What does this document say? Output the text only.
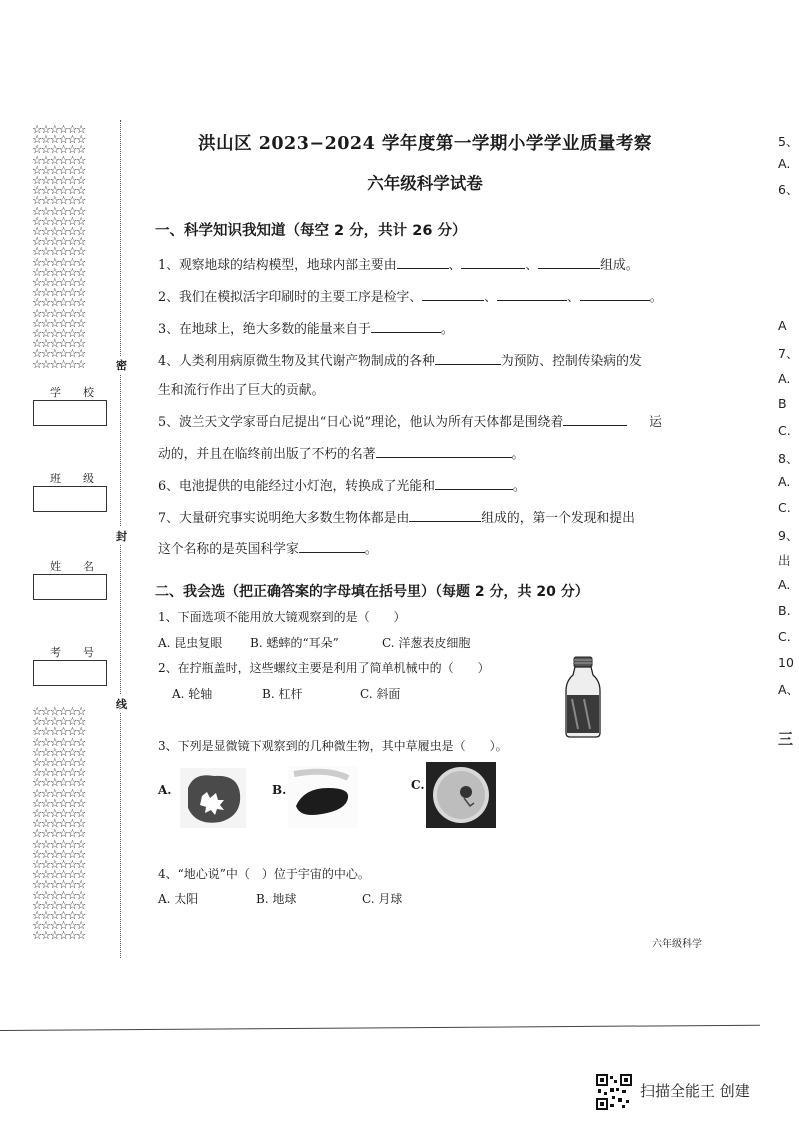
☆☆☆☆☆☆
☆☆☆☆☆☆
☆☆☆☆☆☆
☆☆☆☆☆☆
☆☆☆☆☆☆
☆☆☆☆☆☆
☆☆☆☆☆☆
☆☆☆☆☆☆
☆☆☆☆☆☆
☆☆☆☆☆☆
☆☆☆☆☆☆
☆☆☆☆☆☆
☆☆☆☆☆☆
☆☆☆☆☆☆
☆☆☆☆☆☆
☆☆☆☆☆☆
☆☆☆☆☆☆
☆☆☆☆☆☆
☆☆☆☆☆☆
☆☆☆☆☆☆
☆☆☆☆☆☆
☆☆☆☆☆☆
☆☆☆☆☆☆
☆☆☆☆☆☆
☆☆☆☆☆☆
☆☆☆☆☆☆
☆☆☆☆☆☆
☆☆☆☆☆☆
☆☆☆☆☆☆
☆☆☆☆☆☆
☆☆☆☆☆☆
☆☆☆☆☆☆
☆☆☆☆☆☆
☆☆☆☆☆☆
☆☆☆☆☆☆
☆☆☆☆☆☆
☆☆☆☆☆☆
☆☆☆☆☆☆
☆☆☆☆☆☆
☆☆☆☆☆☆
☆☆☆☆☆☆
☆☆☆☆☆☆
☆☆☆☆☆☆
☆☆☆☆☆☆
☆☆☆☆☆☆
☆☆☆☆☆☆
☆☆☆☆☆☆
学　　校
班　　级
姓　　名
考　　号
密
封
线
洪山区 2023−2024 学年度第一学期小学学业质量考察
六年级科学试卷
一、科学知识我知道（每空 2 分，共计 26 分）
1、观察地球的结构模型，地球内部主要由	、	、	组成。
2、我们在模拟活字印刷时的主要工序是检字、	、	、	。
3、在地球上，绝大多数的能量来自于	。
4、人类利用病原微生物及其代谢产物制成的各种	为预防、控制传染病的发
生和流行作出了巨大的贡献。
5、波兰天文学家哥白尼提出“日心说”理论，他认为所有天体都是围绕着	运
动的，并且在临终前出版了不朽的名著	。
6、电池提供的电能经过小灯泡，转换成了光能和	。
7、大量研究事实说明绝大多数生物体都是由	组成的，第一个发现和提出
这个名称的是英国科学家	。
二、我会选（把正确答案的字母填在括号里）（每题 2 分，共 20 分）
1、下面选项不能用放大镜观察到的是（　　）
A. 昆虫复眼 B. 蟋蟀的“耳朵”	C. 洋葱表皮细胞
2、在拧瓶盖时，这些螺纹主要是利用了简单机械中的（　　）
A. 轮轴	B. 杠杆	C. 斜面
3、下列是显微镜下观察到的几种微生物，其中草履虫是（　　）。
A.	B.	C.
4、“地心说”中（　）位于宇宙的中心。
A. 太阳	B. 地球	C. 月球
5、
A.
6、
A
7、
A.
B
C.
8、
A.
C.
9、
出
A.
B.
C.
10
A、
三
六年级科学
扫描全能王 创建
